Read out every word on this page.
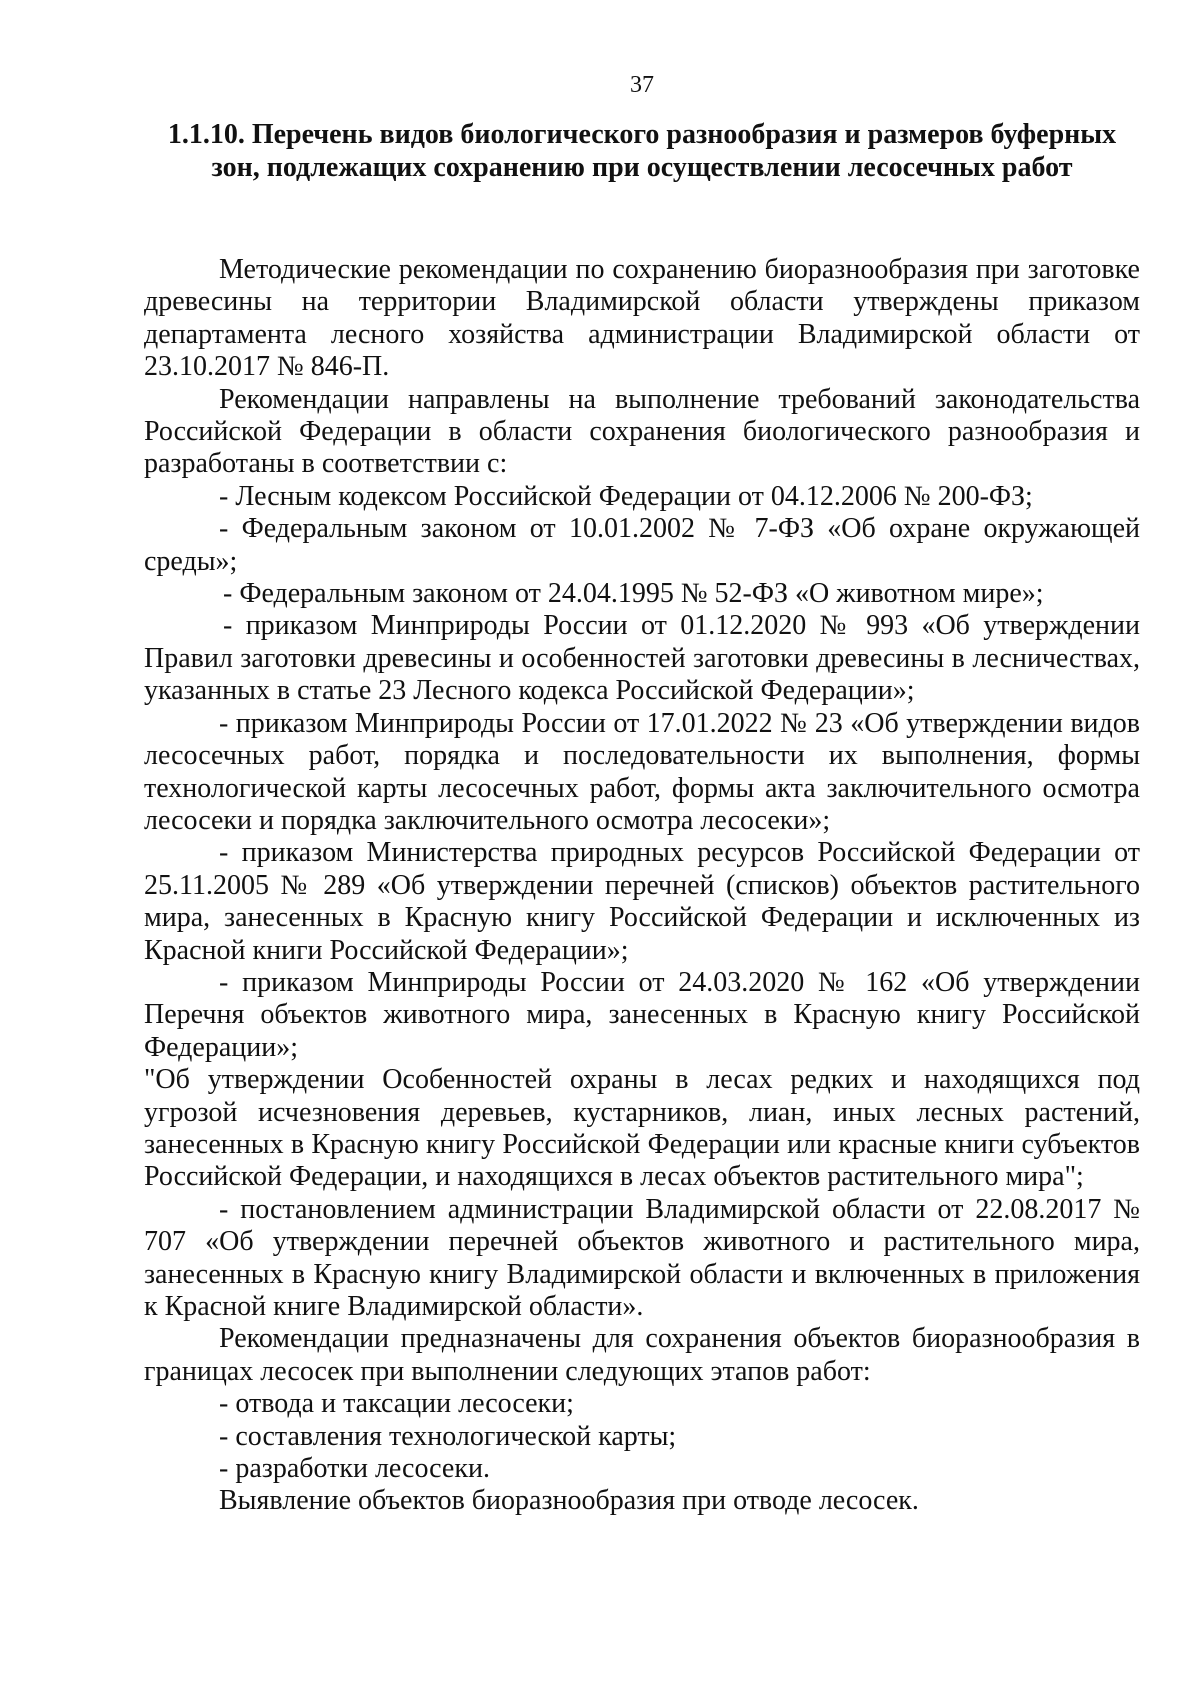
37
1.1.10. Перечень видов биологического разнообразия и размеров буферных зон, подлежащих сохранению при осуществлении лесосечных работ

Методические рекомендации по сохранению биоразнообразия при заготовке древесины на территории Владимирской области утверждены приказом департамента лесного хозяйства администрации Владимирской области от 23.10.2017 № 846-П.

Рекомендации направлены на выполнение требований законодательства Российской Федерации в области сохранения биологического разнообразия и разработаны в соответствии с:

- Лесным кодексом Российской Федерации от 04.12.2006 № 200-ФЗ;

- Федеральным законом от 10.01.2002 № 7-ФЗ «Об охране окружающей среды»;

- Федеральным законом от 24.04.1995 № 52-ФЗ «О животном мире»;

- приказом Минприроды России от 01.12.2020 № 993 «Об утверждении Правил заготовки древесины и особенностей заготовки древесины в лесничествах, указанных в статье 23 Лесного кодекса Российской Федерации»;

- приказом Минприроды России от 17.01.2022 № 23 «Об утверждении видов лесосечных работ, порядка и последовательности их выполнения, формы технологической карты лесосечных работ, формы акта заключительного осмотра лесосеки и порядка заключительного осмотра лесосеки»;

- приказом Министерства природных ресурсов Российской Федерации от 25.11.2005 № 289 «Об утверждении перечней (списков) объектов растительного мира, занесенных в Красную книгу Российской Федерации и исключенных из Красной книги Российской Федерации»;

- приказом Минприроды России от 24.03.2020 № 162 «Об утверждении Перечня объектов животного мира, занесенных в Красную книгу Российской Федерации»;

"Об утверждении Особенностей охраны в лесах редких и находящихся под угрозой исчезновения деревьев, кустарников, лиан, иных лесных растений, занесенных в Красную книгу Российской Федерации или красные книги субъектов Российской Федерации, и находящихся в лесах объектов растительного мира";

- постановлением администрации Владимирской области от 22.08.2017 № 707 «Об утверждении перечней объектов животного и растительного мира, занесенных в Красную книгу Владимирской области и включенных в приложения к Красной книге Владимирской области».

Рекомендации предназначены для сохранения объектов биоразнообразия в границах лесосек при выполнении следующих этапов работ:

- отвода и таксации лесосеки;

- составления технологической карты;

- разработки лесосеки.

Выявление объектов биоразнообразия при отводе лесосек.
